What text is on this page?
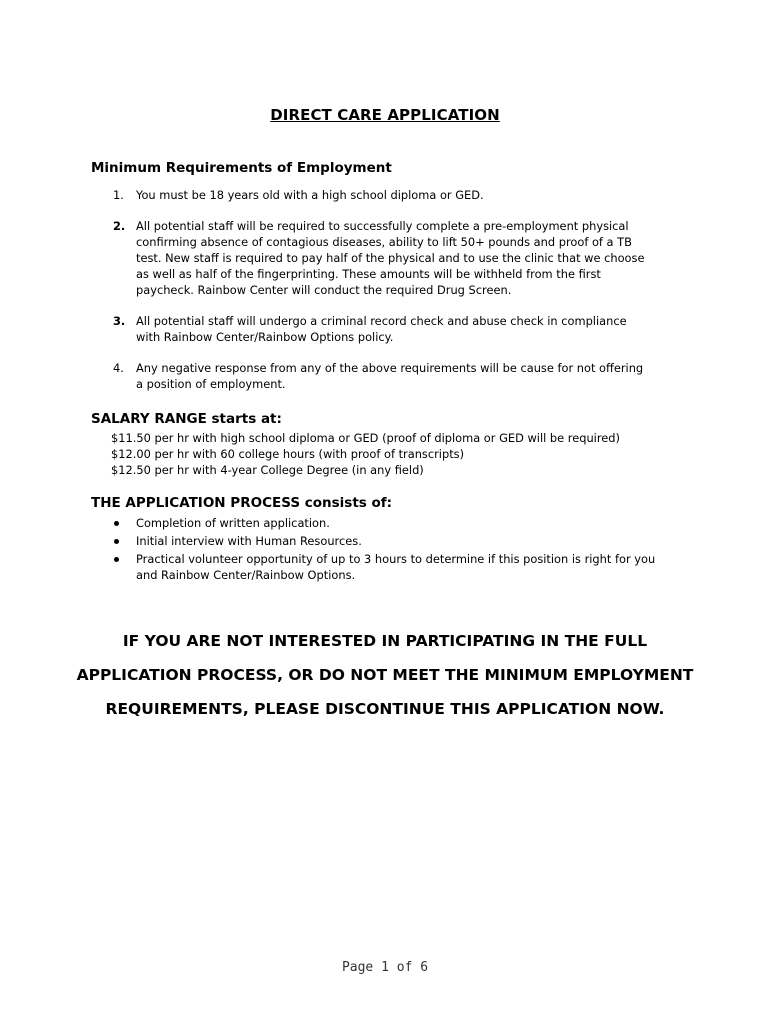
DIRECT CARE APPLICATION
Minimum Requirements of Employment
1. You must be 18 years old with a high school diploma or GED.
2. All potential staff will be required to successfully complete a pre-employment physical
confirming absence of contagious diseases, ability to lift 50+ pounds and proof of a TB
test. New staff is required to pay half of the physical and to use the clinic that we choose
as well as half of the fingerprinting. These amounts will be withheld from the first
paycheck. Rainbow Center will conduct the required Drug Screen.
3. All potential staff will undergo a criminal record check and abuse check in compliance
with Rainbow Center/Rainbow Options policy.
4. Any negative response from any of the above requirements will be cause for not offering
a position of employment.
SALARY RANGE starts at:
$11.50 per hr with high school diploma or GED (proof of diploma or GED will be required)
$12.00 per hr with 60 college hours (with proof of transcripts)
$12.50 per hr with 4-year College Degree (in any field)
THE APPLICATION PROCESS consists of:
Completion of written application.
Initial interview with Human Resources.
Practical volunteer opportunity of up to 3 hours to determine if this position is right for you
and Rainbow Center/Rainbow Options.
IF YOU ARE NOT INTERESTED IN PARTICIPATING IN THE FULL
APPLICATION PROCESS, OR DO NOT MEET THE MINIMUM EMPLOYMENT
REQUIREMENTS, PLEASE DISCONTINUE THIS APPLICATION NOW.
Page 1 of 6
